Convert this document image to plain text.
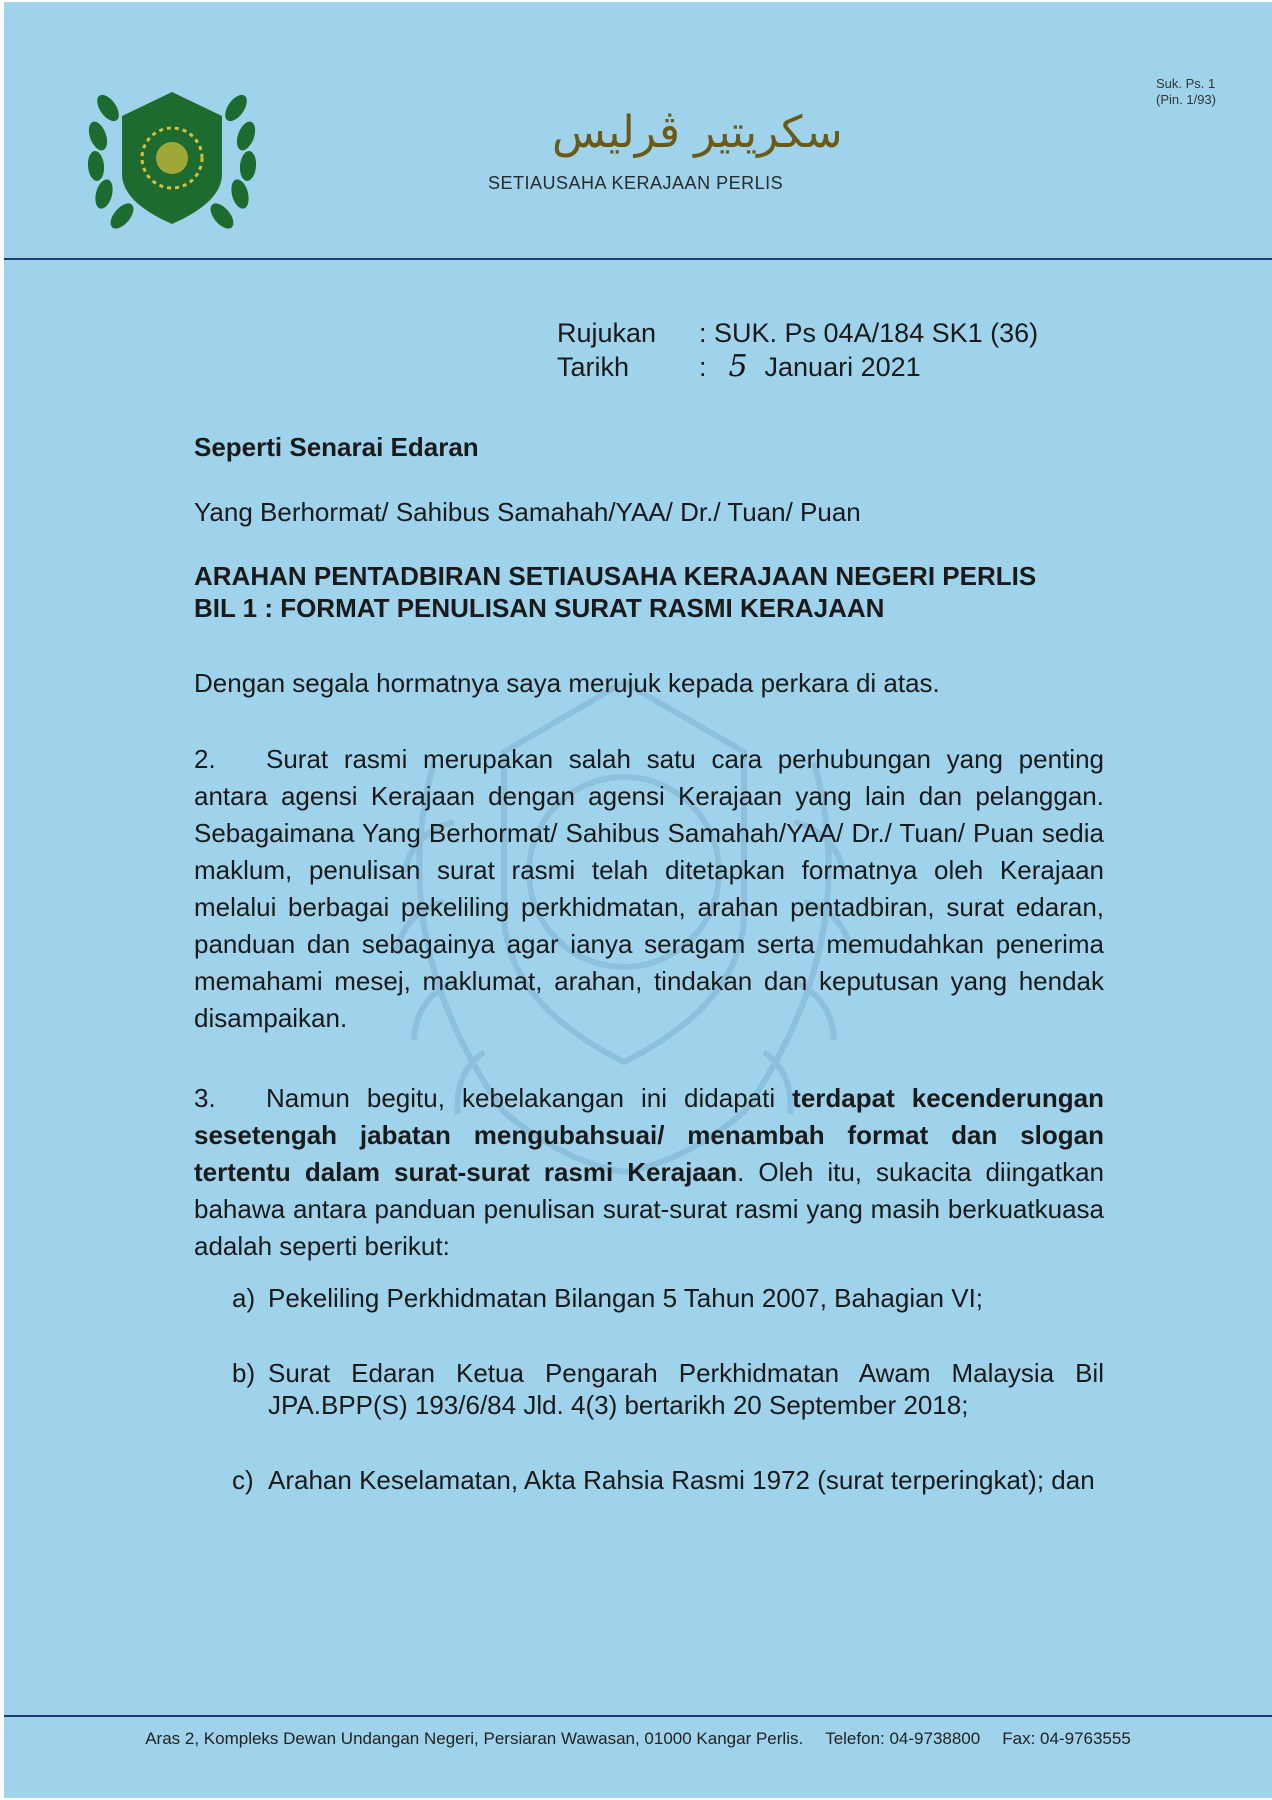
سکريتير ڤرليس
SETIAUSAHA KERAJAAN PERLIS
Suk. Ps. 1
(Pin. 1/93)
Rujukan	: SUK. Ps 04A/184 SK1 (36)
Tarikh	: 5 Januari 2021
Seperti Senarai Edaran
Yang Berhormat/ Sahibus Samahah/YAA/ Dr./ Tuan/ Puan
ARAHAN PENTADBIRAN SETIAUSAHA KERAJAAN NEGERI PERLIS
BIL 1 : FORMAT PENULISAN SURAT RASMI KERAJAAN
Dengan segala hormatnya saya merujuk kepada perkara di atas.
2. Surat rasmi merupakan salah satu cara perhubungan yang penting antara agensi Kerajaan dengan agensi Kerajaan yang lain dan pelanggan. Sebagaimana Yang Berhormat/ Sahibus Samahah/YAA/ Dr./ Tuan/ Puan sedia maklum, penulisan surat rasmi telah ditetapkan formatnya oleh Kerajaan melalui berbagai pekeliling perkhidmatan, arahan pentadbiran, surat edaran, panduan dan sebagainya agar ianya seragam serta memudahkan penerima memahami mesej, maklumat, arahan, tindakan dan keputusan yang hendak disampaikan.
3. Namun begitu, kebelakangan ini didapati terdapat kecenderungan sesetengah jabatan mengubahsuai/ menambah format dan slogan tertentu dalam surat-surat rasmi Kerajaan. Oleh itu, sukacita diingatkan bahawa antara panduan penulisan surat-surat rasmi yang masih berkuatkuasa adalah seperti berikut:
a) Pekeliling Perkhidmatan Bilangan 5 Tahun 2007, Bahagian VI;
b) Surat Edaran Ketua Pengarah Perkhidmatan Awam Malaysia Bil JPA.BPP(S) 193/6/84 Jld. 4(3) bertarikh 20 September 2018;
c) Arahan Keselamatan, Akta Rahsia Rasmi 1972 (surat terperingkat); dan
Aras 2, Kompleks Dewan Undangan Negeri, Persiaran Wawasan, 01000 Kangar Perlis. Telefon: 04-9738800 Fax: 04-9763555
